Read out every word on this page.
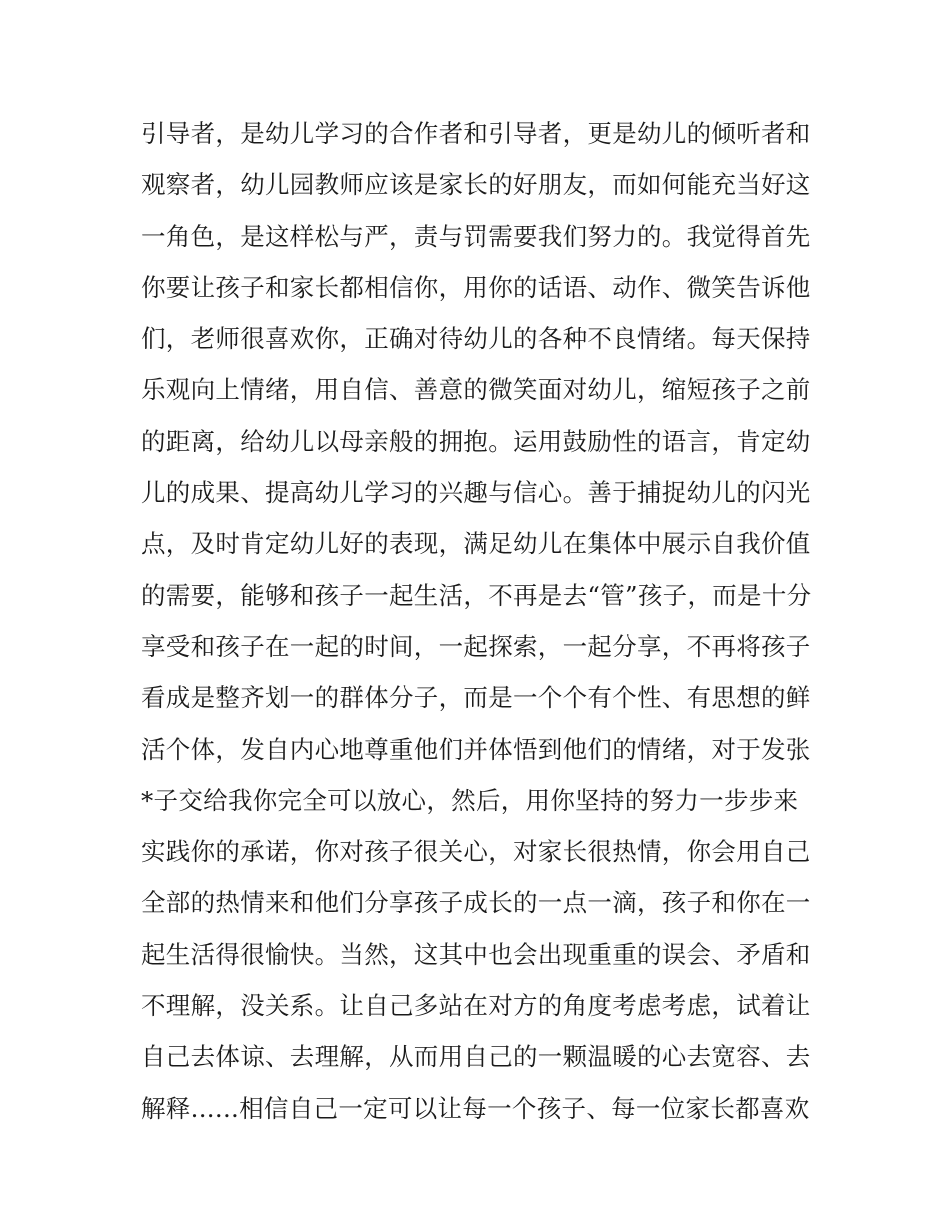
引导者，是幼儿学习的合作者和引导者，更是幼儿的倾听者和
观察者，幼儿园教师应该是家长的好朋友，而如何能充当好这
一角色，是这样松与严，责与罚需要我们努力的。我觉得首先
你要让孩子和家长都相信你，用你的话语、动作、微笑告诉他
们，老师很喜欢你，正确对待幼儿的各种不良情绪。每天保持
乐观向上情绪，用自信、善意的微笑面对幼儿，缩短孩子之前
的距离，给幼儿以母亲般的拥抱。运用鼓励性的语言，肯定幼
儿的成果、提高幼儿学习的兴趣与信心。善于捕捉幼儿的闪光
点，及时肯定幼儿好的表现，满足幼儿在集体中展示自我价值
的需要，能够和孩子一起生活，不再是去“管”孩子，而是十分
享受和孩子在一起的时间，一起探索，一起分享，不再将孩子
看成是整齐划一的群体分子，而是一个个有个性、有思想的鲜
活个体，发自内心地尊重他们并体悟到他们的情绪，对于发张
*子交给我你完全可以放心，然后，用你坚持的努力一步步来
实践你的承诺，你对孩子很关心，对家长很热情，你会用自己
全部的热情来和他们分享孩子成长的一点一滴，孩子和你在一
起生活得很愉快。当然，这其中也会出现重重的误会、矛盾和
不理解，没关系。让自己多站在对方的角度考虑考虑，试着让
自己去体谅、去理解，从而用自己的一颗温暖的心去宽容、去
解释......相信自己一定可以让每一个孩子、每一位家长都喜欢
